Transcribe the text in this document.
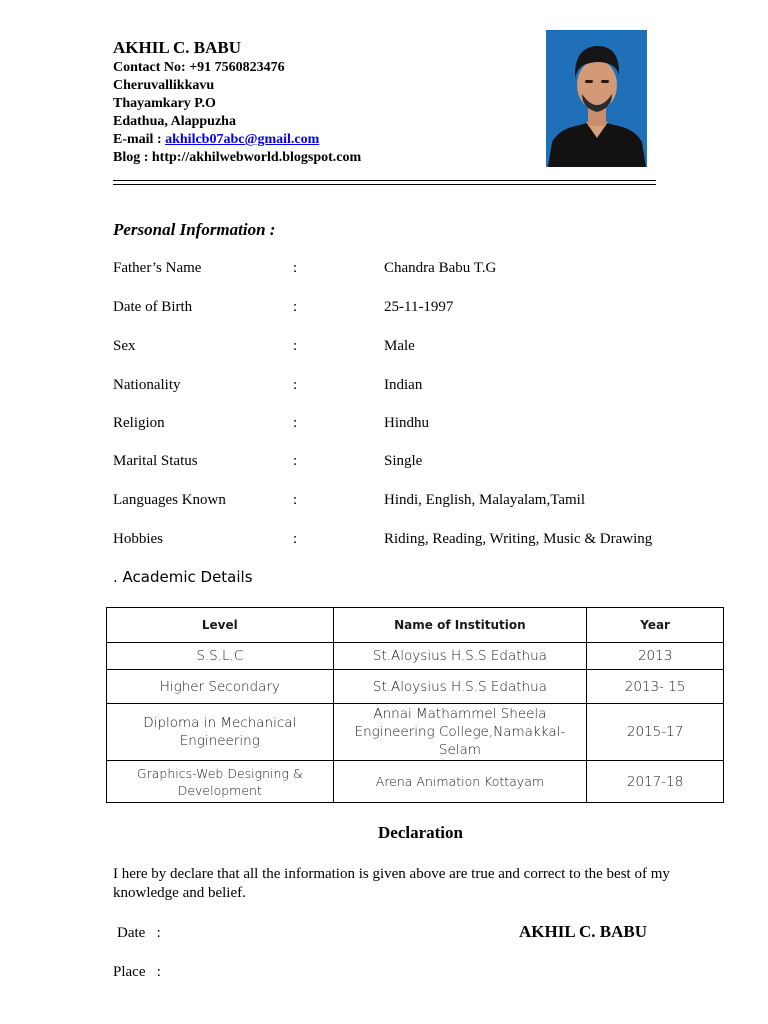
AKHIL C. BABU
Contact No: +91 7560823476
Cheruvallikkavu
Thayamkary P.O
Edathua, Alappuzha
E-mail : akhilcb07abc@gmail.com
Blog : http://akhilwebworld.blogspot.com
Personal Information :
Father’s Name	:	Chandra Babu T.G
Date of Birth	:	25-11-1997
Sex	:	Male
Nationality	:	Indian
Religion	:	Hindhu
Marital Status	:	Single
Languages Known	:	Hindi, English, Malayalam,Tamil
Hobbies	:	Riding, Reading, Writing, Music & Drawing
. Academic Details
Level	Name of Institution	Year
S.S.L.C	St.Aloysius H.S.S Edathua	2013
Higher Secondary	St.Aloysius H.S.S Edathua	2013- 15
Diploma in Mechanical Engineering	Annai Mathammel Sheela Engineering College,Namakkal-Selam	2015-17
Graphics-Web Designing & Development	Arena Animation Kottayam	2017-18
Declaration
I here by declare that all the information is given above are true and correct to the best of my knowledge and belief.
Date   :
Place   :
AKHIL C. BABU
